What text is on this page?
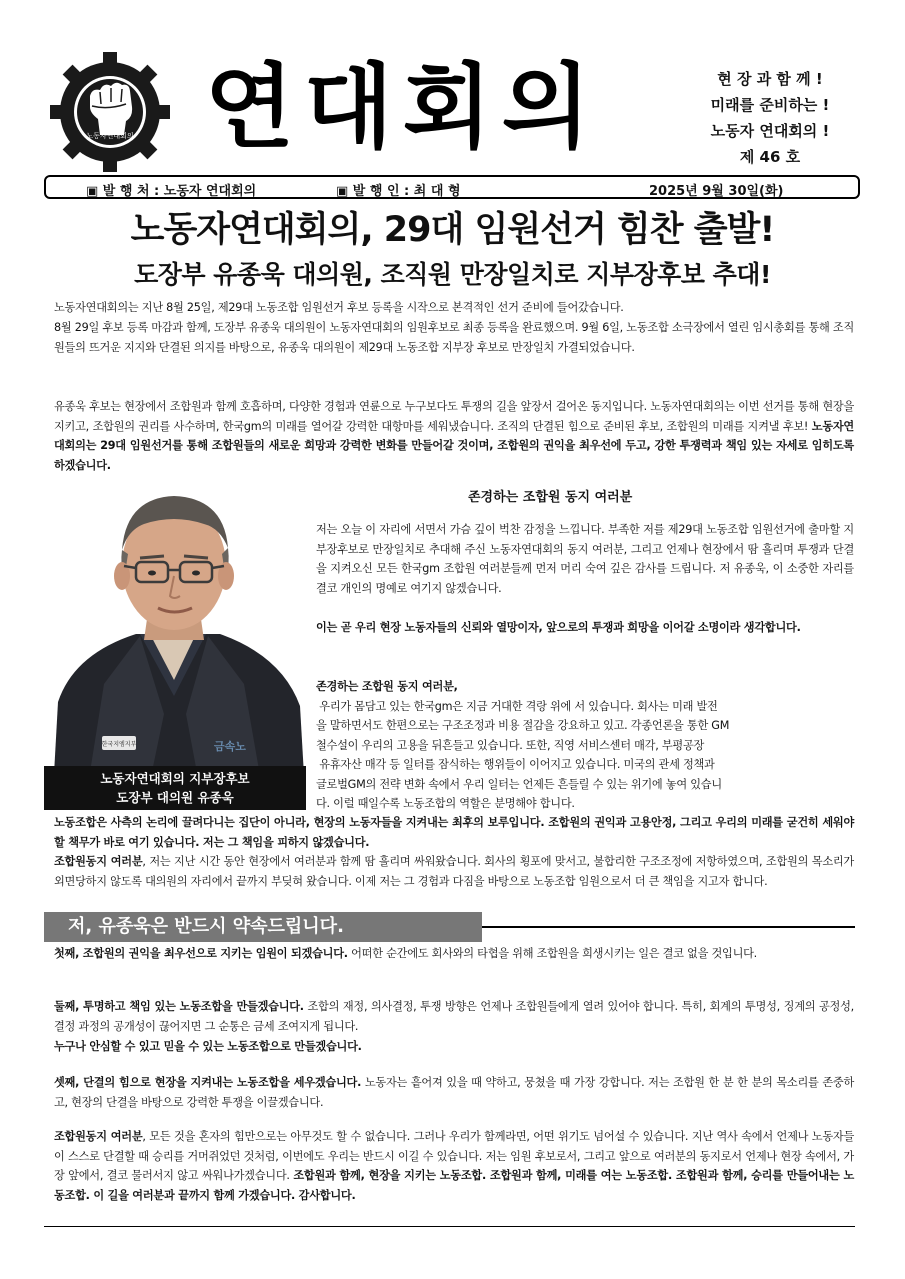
노동자연대회의 연대회의	현 장 과 함 께 !
미래를 준비하는 !
노동자 연대회의 !
제 46 호
▣ 발 행 처 : 노동자 연대회의	▣ 발 행 인 : 최 대 형	2025년 9월 30일(화)
노동자연대회의, 29대 임원선거 힘찬 출발!
도장부 유종욱 대의원, 조직원 만장일치로 지부장후보 추대!
노동자연대회의는 지난 8월 25일, 제29대 노동조합 임원선거 후보 등록을 시작으로 본격적인 선거 준비에 들어갔습니다.
8월 29일 후보 등록 마감과 함께, 도장부 유종욱 대의원이 노동자연대회의 임원후보로 최종 등록을 완료했으며. 9월 6일, 노동조합 소극장에서 열린 임시총회를 통해 조직원들의 뜨거운 지지와 단결된 의지를 바탕으로, 유종욱 대의원이 제29대 노동조합 지부장 후보로 만장일치 가결되었습니다.
유종욱 후보는 현장에서 조합원과 함께 호흡하며, 다양한 경험과 연륜으로 누구보다도 투쟁의 길을 앞장서 걸어온 동지입니다. 노동자연대회의는 이번 선거를 통해 현장을 지키고, 조합원의 권리를 사수하며, 한국gm의 미래를 열어갈 강력한 대항마를 세워냈습니다. 조직의 단결된 힘으로 준비된 후보, 조합원의 미래를 지켜낼 후보! 노동자연대회의는 29대 임원선거를 통해 조합원들의 새로운 희망과 강력한 변화를 만들어갈 것이며, 조합원의 권익을 최우선에 두고, 강한 투쟁력과 책임 있는 자세로 임히도록 하겠습니다.
한국지엠지부	금속노
노동자연대회의 지부장후보
도장부 대의원 유종욱
존경하는 조합원 동지 여러분
저는 오늘 이 자리에 서면서 가슴 깊이 벅찬 감정을 느낍니다. 부족한 저를 제29대 노동조합 임원선거에 출마할 지부장후보로 만장일치로 추대해 주신 노동자연대회의 동지 여러분, 그리고 언제나 현장에서 땀 흘리며 투쟁과 단결을 지켜오신 모든 한국gm 조합원 여러분들께 먼저 머리 숙여 깊은 감사를 드립니다. 저 유종욱, 이 소중한 자리를 결코 개인의 명예로 여기지 않겠습니다.
이는 곧 우리 현장 노동자들의 신뢰와 열망이자, 앞으로의 투쟁과 희망을 이어갈 소명이라 생각합니다.
존경하는 조합원 동지 여러분,
우리가 몸담고 있는 한국gm은 지금 거대한 격랑 위에 서 있습니다. 회사는 미래 발전
을 말하면서도 한편으로는 구조조정과 비용 절감을 강요하고 있고. 각종언론을 통한 GM
철수설이 우리의 고용을 뒤흔들고 있습니다. 또한, 직영 서비스센터 매각, 부평공장
유휴자산 매각 등 일터를 잠식하는 행위들이 이어지고 있습니다. 미국의 관세 정책과
글로벌GM의 전략 변화 속에서 우리 일터는 언제든 흔들릴 수 있는 위기에 놓여 있습니
다. 이럴 때일수록 노동조합의 역할은 분명해야 합니다.
노동조합은 사측의 논리에 끌려다니는 집단이 아니라, 현장의 노동자들을 지켜내는 최후의 보루입니다. 조합원의 권익과 고용안정, 그리고 우리의 미래를 굳건히 세워야 할 책무가 바로 여기 있습니다. 저는 그 책임을 피하지 않겠습니다.
조합원동지 여러분, 저는 지난 시간 동안 현장에서 여러분과 함께 땀 흘리며 싸워왔습니다. 회사의 횡포에 맞서고, 불합리한 구조조정에 저항하였으며, 조합원의 목소리가 외면당하지 않도록 대의원의 자리에서 끝까지 부딪혀 왔습니다. 이제 저는 그 경험과 다짐을 바탕으로 노동조합 임원으로서 더 큰 책임을 지고자 합니다.
저, 유종욱은 반드시 약속드립니다.
첫째, 조합원의 권익을 최우선으로 지키는 임원이 되겠습니다. 어떠한 순간에도 회사와의 타협을 위해 조합원을 희생시키는 일은 결코 없을 것입니다.
둘째, 투명하고 책임 있는 노동조합을 만들겠습니다. 조합의 재정, 의사결정, 투쟁 방향은 언제나 조합원들에게 열려 있어야 합니다. 특히, 회계의 투명성, 징계의 공정성, 결정 과정의 공개성이 끊어지면 그 순통은 금세 조여지게 됩니다.
누구나 안심할 수 있고 믿을 수 있는 노동조합으로 만들겠습니다.
셋째, 단결의 힘으로 현장을 지켜내는 노동조합을 세우겠습니다. 노동자는 흩어져 있을 때 약하고, 뭉쳤을 때 가장 강합니다. 저는 조합원 한 분 한 분의 목소리를 존중하고, 현장의 단결을 바탕으로 강력한 투쟁을 이끌겠습니다.
조합원동지 여러분, 모든 것을 혼자의 힘만으로는 아무것도 할 수 없습니다. 그러나 우리가 함께라면, 어떤 위기도 넘어설 수 있습니다. 지난 역사 속에서 언제나 노동자들이 스스로 단결할 때 승리를 거머쥐었던 것처럼, 이번에도 우리는 반드시 이길 수 있습니다. 저는 임원 후보로서, 그리고 앞으로 여러분의 동지로서 언제나 현장 속에서, 가장 앞에서, 결코 물러서지 않고 싸워나가겠습니다. 조합원과 함께, 현장을 지키는 노동조합. 조합원과 함께, 미래를 여는 노동조합. 조합원과 함께, 승리를 만들어내는 노동조합. 이 길을 여러분과 끝까지 함께 가겠습니다. 감사합니다.
